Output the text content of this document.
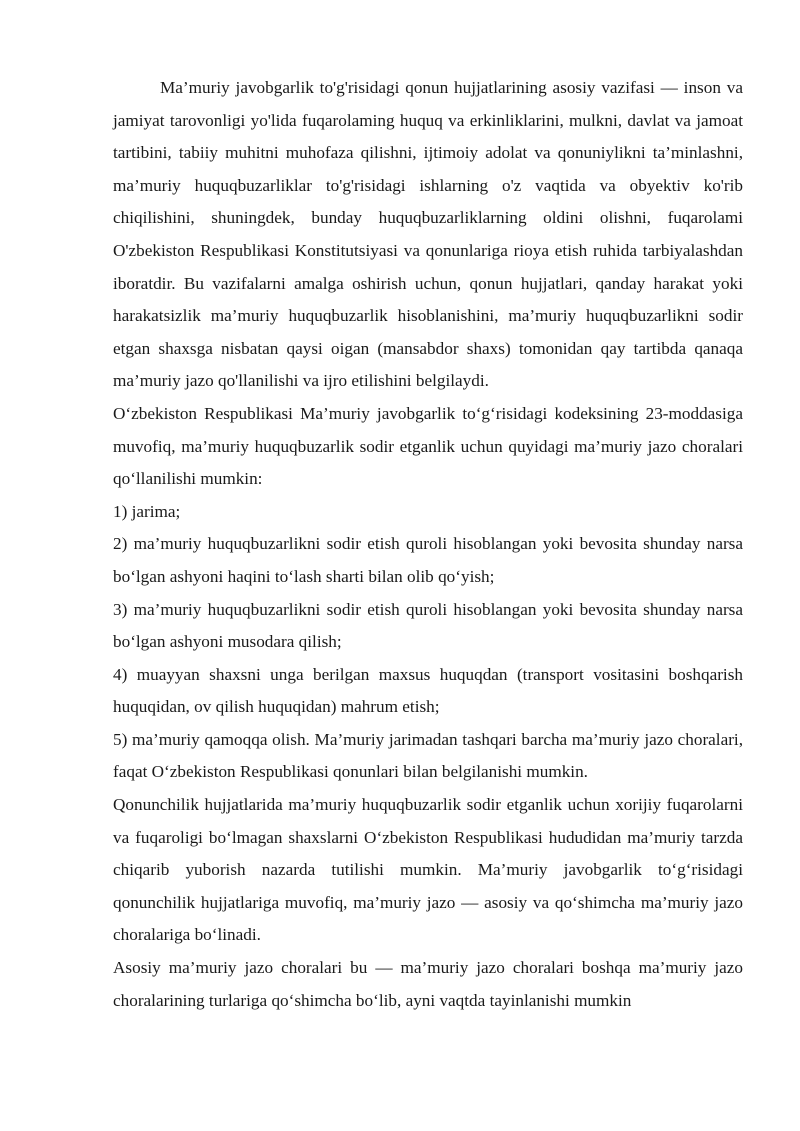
Ma’muriy javobgarlik to'g'risidagi qonun hujjatlarining asosiy vazifasi — inson va jamiyat tarovonligi yo'lida fuqarolaming huquq va erkinliklarini, mulkni, davlat va jamoat tartibini, tabiiy muhitni muhofaza qilishni, ijtimoiy adolat va qonuniylikni ta’minlashni, ma’muriy huquqbuzarliklar to'g'risidagi ishlarning o'z vaqtida va obyektiv ko'rib chiqilishini, shuningdek, bunday huquqbuzarliklarning oldini olishni, fuqarolami O'zbekiston Respublikasi Konstitutsiyasi va qonunlariga rioya etish ruhida tarbiyalashdan iboratdir. Bu vazifalarni amalga oshirish uchun, qonun hujjatlari, qanday harakat yoki harakatsizlik ma’muriy huquqbuzarlik hisoblanishini, ma’muriy huquqbuzarlikni sodir etgan shaxsga nisbatan qaysi oigan (mansabdor shaxs) tomonidan qay tartibda qanaqa ma’muriy jazo qo'llanilishi va ijro etilishini belgilaydi.

O‘zbekiston Respublikasi Ma’muriy javobgarlik to‘g‘risidagi kodeksining 23-moddasiga muvofiq, ma’muriy huquqbuzarlik sodir etganlik uchun quyidagi ma’muriy jazo choralari qo‘llanilishi mumkin:

1) jarima;

2) ma’muriy huquqbuzarlikni sodir etish quroli hisoblangan yoki bevosita shunday narsa bo‘lgan ashyoni haqini to‘lash sharti bilan olib qo‘yish;

3) ma’muriy huquqbuzarlikni sodir etish quroli hisoblangan yoki bevosita shunday narsa bo‘lgan ashyoni musodara qilish;

4) muayyan shaxsni unga berilgan maxsus huquqdan (transport vositasini boshqarish huquqidan, ov qilish huquqidan) mahrum etish;

5) ma’muriy qamoqqa olish. Ma’muriy jarimadan tashqari barcha ma’muriy jazo choralari, faqat O‘zbekiston Respublikasi qonunlari bilan belgilanishi mumkin.

Qonunchilik hujjatlarida ma’muriy huquqbuzarlik sodir etganlik uchun xorijiy fuqarolarni va fuqaroligi bo‘lmagan shaxslarni O‘zbekiston Respublikasi hududidan ma’muriy tarzda chiqarib yuborish nazarda tutilishi mumkin. Ma’muriy javobgarlik to‘g‘risidagi qonunchilik hujjatlariga muvofiq, ma’muriy jazo — asosiy va qo‘shimcha ma’muriy jazo choralariga bo‘linadi.

Asosiy ma’muriy jazo choralari bu — ma’muriy jazo choralari boshqa ma’muriy jazo choralarining turlariga qo‘shimcha bo‘lib, ayni vaqtda tayinlanishi mumkin
